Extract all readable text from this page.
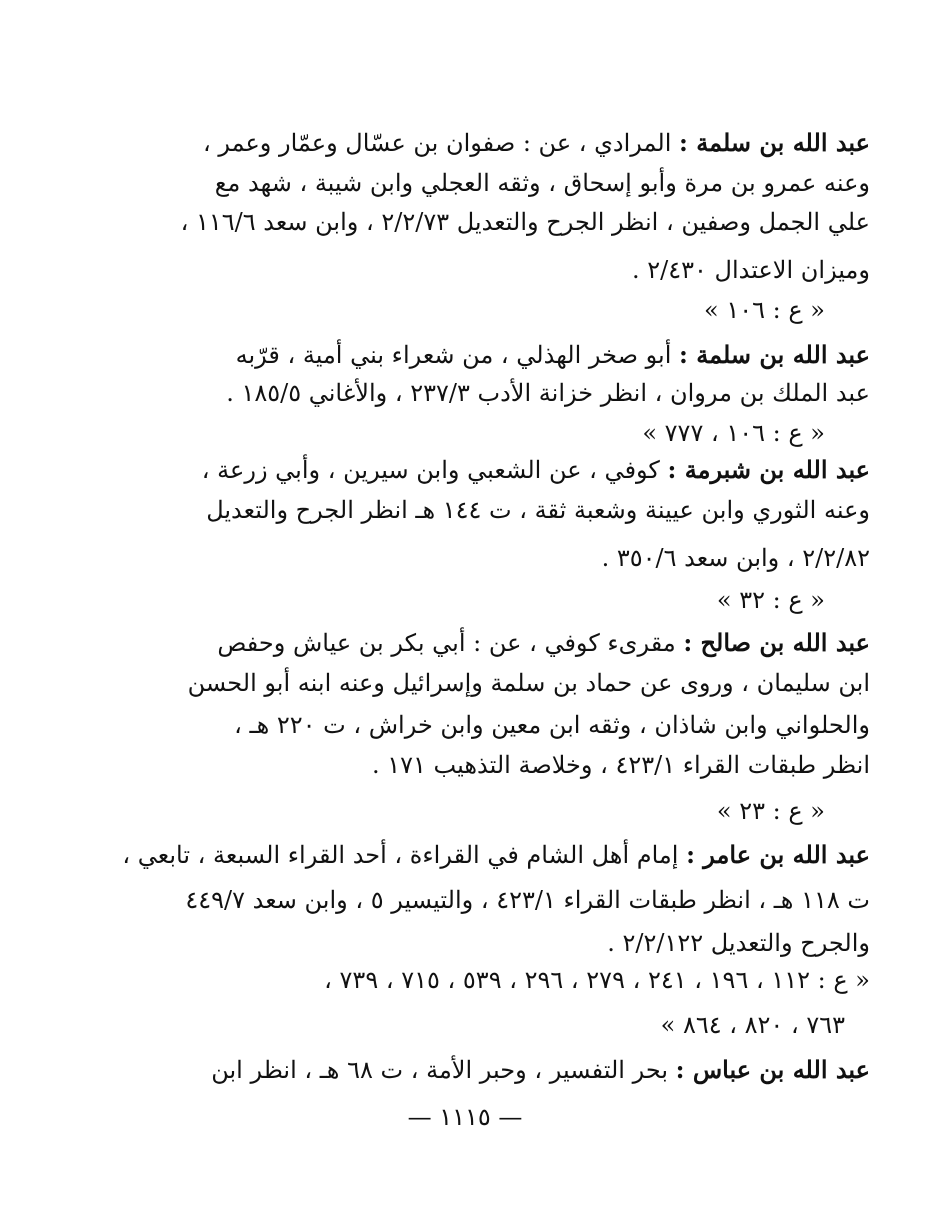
عبد الله بن سلمة : المرادي ، عن : صفوان بن عسّال وعمّار وعمر ،
وعنه عمرو بن مرة وأبو إسحاق ، وثقه العجلي وابن شيبة ، شهد مع
علي الجمل وصفين ، انظر الجرح والتعديل ٢/٢/٧٣ ، وابن سعد ١١٦/٦ ،
وميزان الاعتدال ٢/٤٣٠ .
« ع : ١٠٦ »
عبد الله بن سلمة : أبو صخر الهذلي ، من شعراء بني أمية ، قرّبه
عبد الملك بن مروان ، انظر خزانة الأدب ٢٣٧/٣ ، والأغاني ١٨٥/٥ .
« ع : ١٠٦ ، ٧٧٧ »
عبد الله بن شبرمة : كوفي ، عن الشعبي وابن سيرين ، وأبي زرعة ،
وعنه الثوري وابن عيينة وشعبة ثقة ، ت ١٤٤ هـ انظر الجرح والتعديل
٢/٢/٨٢ ، وابن سعد ٣٥٠/٦ .
« ع : ٣٢ »
عبد الله بن صالح : مقرىء كوفي ، عن : أبي بكر بن عياش وحفص
ابن سليمان ، وروى عن حماد بن سلمة وإسرائيل وعنه ابنه أبو الحسن
والحلواني وابن شاذان ، وثقه ابن معين وابن خراش ، ت ٢٢٠ هـ ،
انظر طبقات القراء ٤٢٣/١ ، وخلاصة التذهيب ١٧١ .
« ع : ٢٣ »
عبد الله بن عامر : إمام أهل الشام في القراءة ، أحد القراء السبعة ، تابعي ،
ت ١١٨ هـ ، انظر طبقات القراء ٤٢٣/١ ، والتيسير ٥ ، وابن سعد ٤٤٩/٧
والجرح والتعديل ٢/٢/١٢٢ .
« ع : ١١٢ ، ١٩٦ ، ٢٤١ ، ٢٧٩ ، ٢٩٦ ، ٥٣٩ ، ٧١٥ ، ٧٣٩ ،
٧٦٣ ، ٨٢٠ ، ٨٦٤ »
عبد الله بن عباس : بحر التفسير ، وحبر الأمة ، ت ٦٨ هـ ، انظر ابن
— ١١١٥ —
